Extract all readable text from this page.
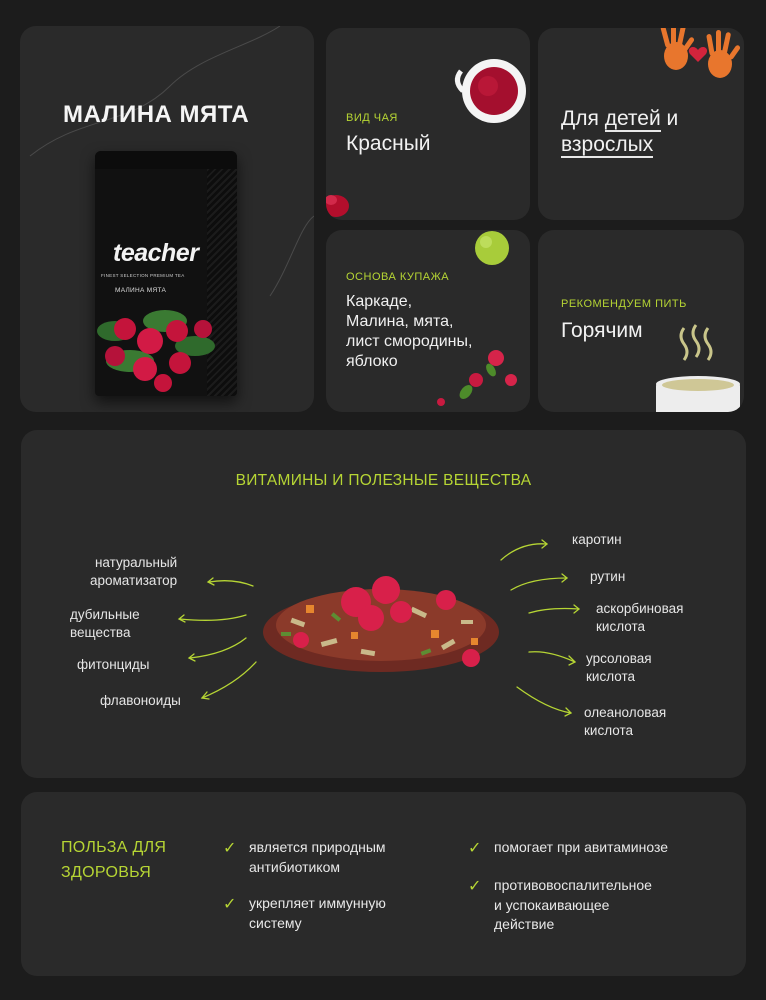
МАЛИНА МЯТА
teacher
FINEST SELECTION PREMIUM TEA
МАЛИНА МЯТА
ВИД ЧАЯ
Красный
Для детей и
взрослых
ОСНОВА КУПАЖА
Каркаде,
Малина, мята,
лист смородины,
яблоко
РЕКОМЕНДУЕМ ПИТЬ
Горячим
ВИТАМИНЫ И ПОЛЕЗНЫЕ ВЕЩЕСТВА
натуральный
ароматизатор
дубильные
вещества
фитонциды
флавоноиды
каротин
рутин
аскорбиновая
кислота
урсоловая
кислота
олеаноловая
кислота
ПОЛЬЗА ДЛЯ
ЗДОРОВЬЯ
✓ является природным
антибиотиком
✓ укрепляет иммунную
систему
✓ помогает при авитаминозе
✓ противовоспалительное
и успокаивающее
действие
